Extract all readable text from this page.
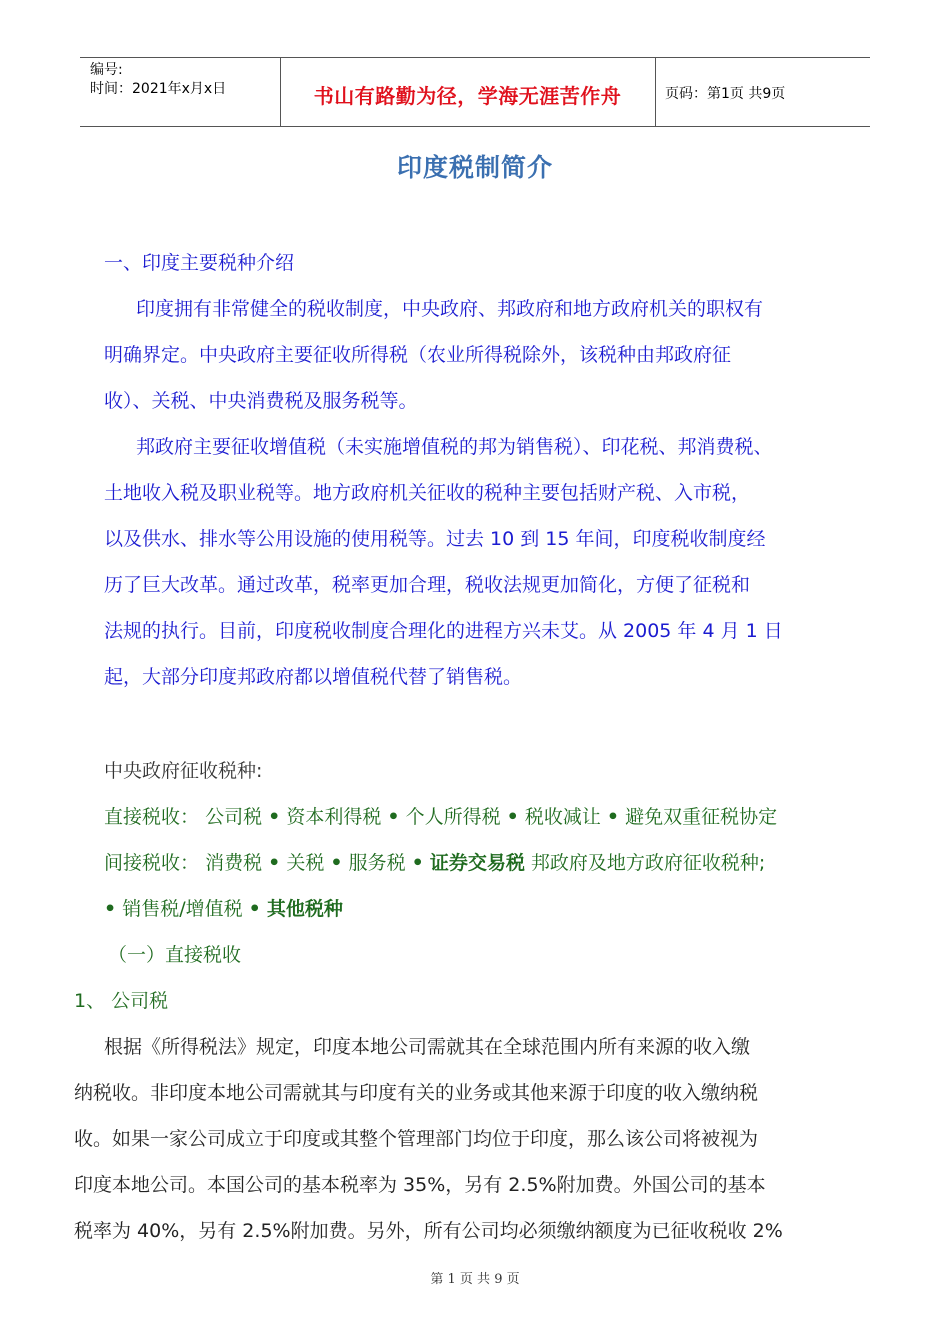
编号:
时间：2021年x月x日	书山有路勤为径，学海无涯苦作舟	页码：第1页 共9页
印度税制简介
一、印度主要税种介绍
印度拥有非常健全的税收制度，中央政府、邦政府和地方政府机关的职权有
明确界定。中央政府主要征收所得税（农业所得税除外，该税种由邦政府征
收）、关税、中央消费税及服务税等。
邦政府主要征收增值税（未实施增值税的邦为销售税）、印花税、邦消费税、
土地收入税及职业税等。地方政府机关征收的税种主要包括财产税、入市税，
以及供水、排水等公用设施的使用税等。过去 10 到 15 年间，印度税收制度经
历了巨大改革。通过改革，税率更加合理，税收法规更加简化，方便了征税和
法规的执行。目前，印度税收制度合理化的进程方兴未艾。从 2005 年 4 月 1 日
起，大部分印度邦政府都以增值税代替了销售税。
中央政府征收税种:
直接税收： 公司税 • 资本利得税 • 个人所得税 • 税收减让 • 避免双重征税协定
间接税收： 消费税 • 关税 • 服务税 • 证券交易税 邦政府及地方政府征收税种;
• 销售税/增值税 • 其他税种
（一）直接税收
1、 公司税
根据《所得税法》规定，印度本地公司需就其在全球范围内所有来源的收入缴
纳税收。非印度本地公司需就其与印度有关的业务或其他来源于印度的收入缴纳税
收。如果一家公司成立于印度或其整个管理部门均位于印度，那么该公司将被视为
印度本地公司。本国公司的基本税率为 35%，另有 2.5%附加费。外国公司的基本
税率为 40%，另有 2.5%附加费。另外，所有公司均必须缴纳额度为已征收税收 2%
第 1 页 共 9 页
